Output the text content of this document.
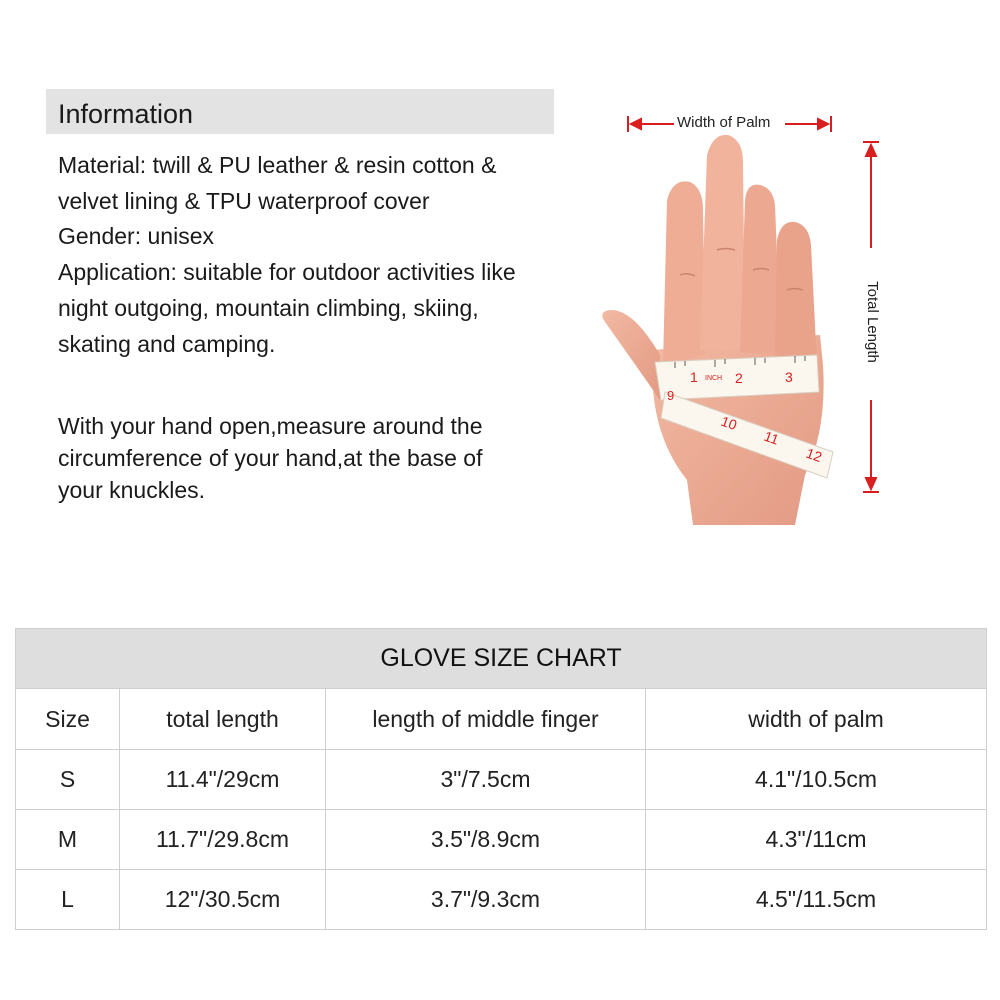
Information
Material: twill & PU leather & resin cotton &
velvet lining & TPU waterproof cover
Gender: unisex
Application: suitable for outdoor activities like
night outgoing, mountain climbing, skiing,
skating and camping.
With your hand open,measure around the
circumference of your hand,at the base of
your knuckles.
1 INCH 2	3
9
10
11
12
Width of Palm
Total Length
GLOVE SIZE CHART			
Size	total length	length of middle finger	width of palm
S	11.4"/29cm	3"/7.5cm	4.1"/10.5cm
M	11.7"/29.8cm	3.5"/8.9cm	4.3"/11cm
L	12"/30.5cm	3.7"/9.3cm	4.5"/11.5cm
